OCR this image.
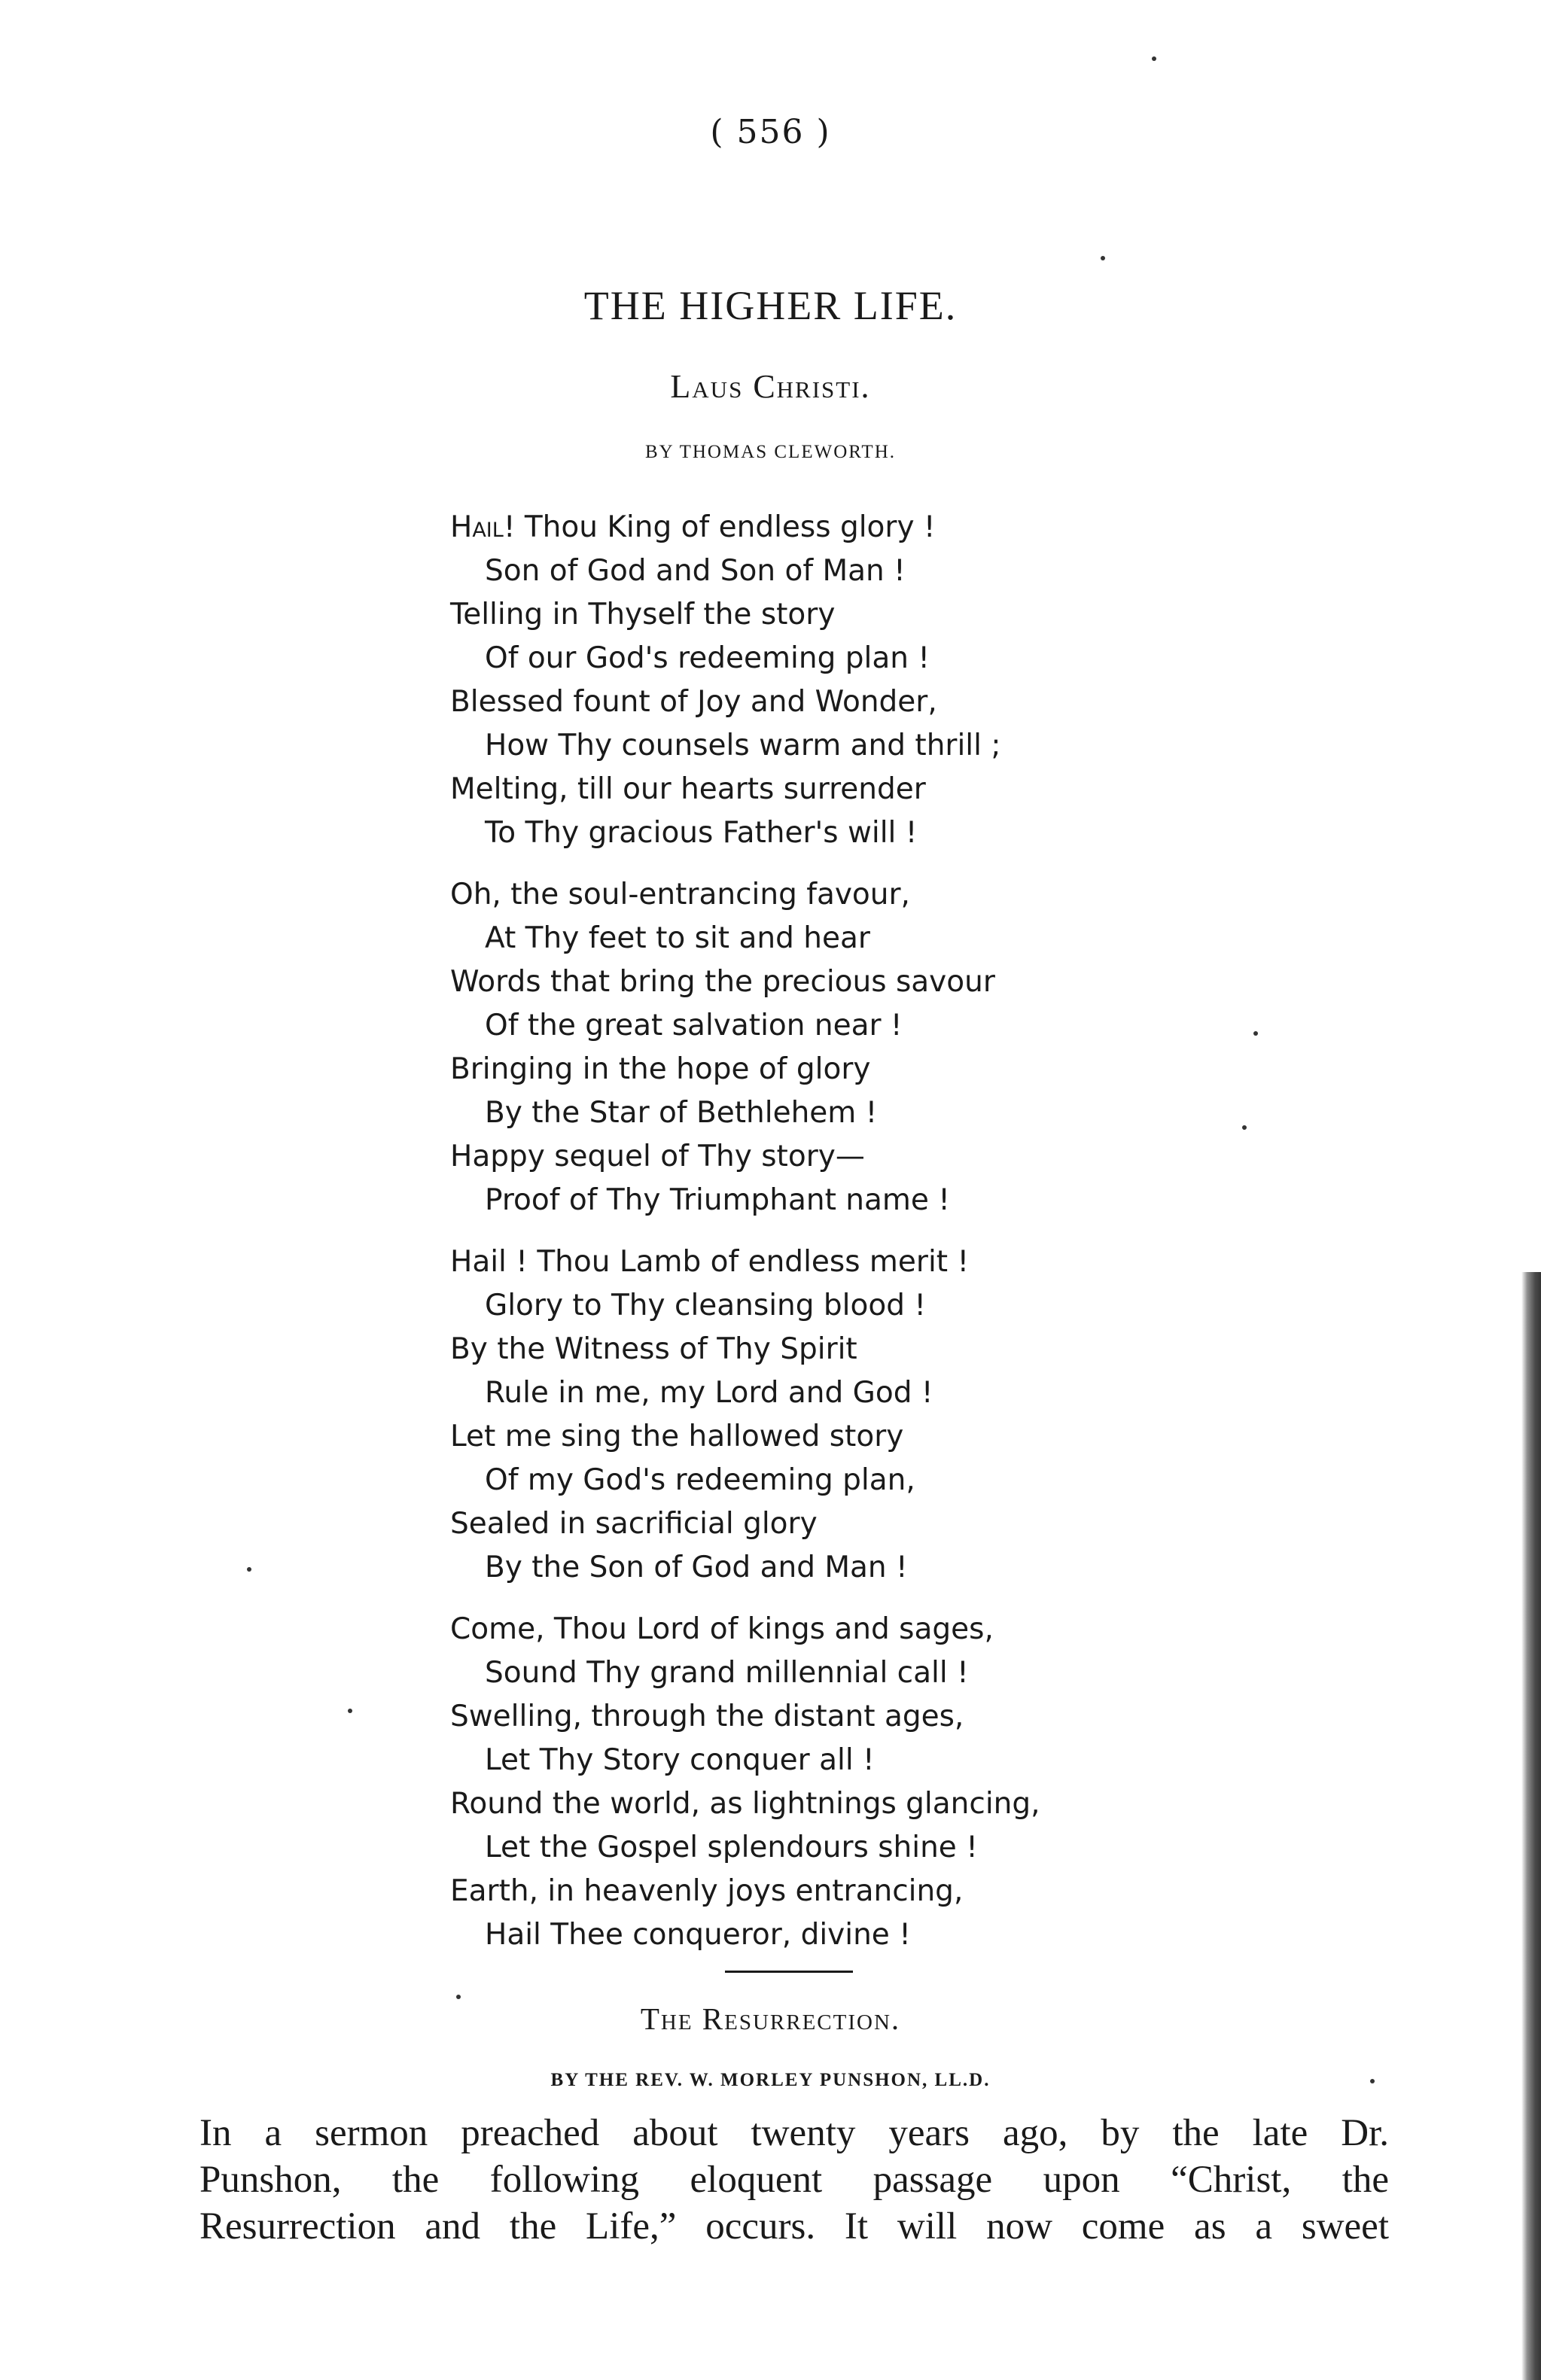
( 556 )
THE HIGHER LIFE.
Laus Christi.
BY THOMAS CLEWORTH.
Hail! Thou King of endless glory !
Son of God and Son of Man !
Telling in Thyself the story
Of our God's redeeming plan !
Blessed fount of Joy and Wonder,
How Thy counsels warm and thrill ;
Melting, till our hearts surrender
To Thy gracious Father's will !
Oh, the soul-entrancing favour,
At Thy feet to sit and hear
Words that bring the precious savour
Of the great salvation near !
Bringing in the hope of glory
By the Star of Bethlehem !
Happy sequel of Thy story—
Proof of Thy Triumphant name !
Hail ! Thou Lamb of endless merit !
Glory to Thy cleansing blood !
By the Witness of Thy Spirit
Rule in me, my Lord and God !
Let me sing the hallowed story
Of my God's redeeming plan,
Sealed in sacrificial glory
By the Son of God and Man !
Come, Thou Lord of kings and sages,
Sound Thy grand millennial call !
Swelling, through the distant ages,
Let Thy Story conquer all !
Round the world, as lightnings glancing,
Let the Gospel splendours shine !
Earth, in heavenly joys entrancing,
Hail Thee conqueror, divine !
The Resurrection.
BY THE REV. W. MORLEY PUNSHON, LL.D.
In a sermon preached about twenty years ago, by the late Dr.
Punshon, the following eloquent passage upon “Christ, the
Resurrection and the Life,” occurs. It will now come as a sweet
